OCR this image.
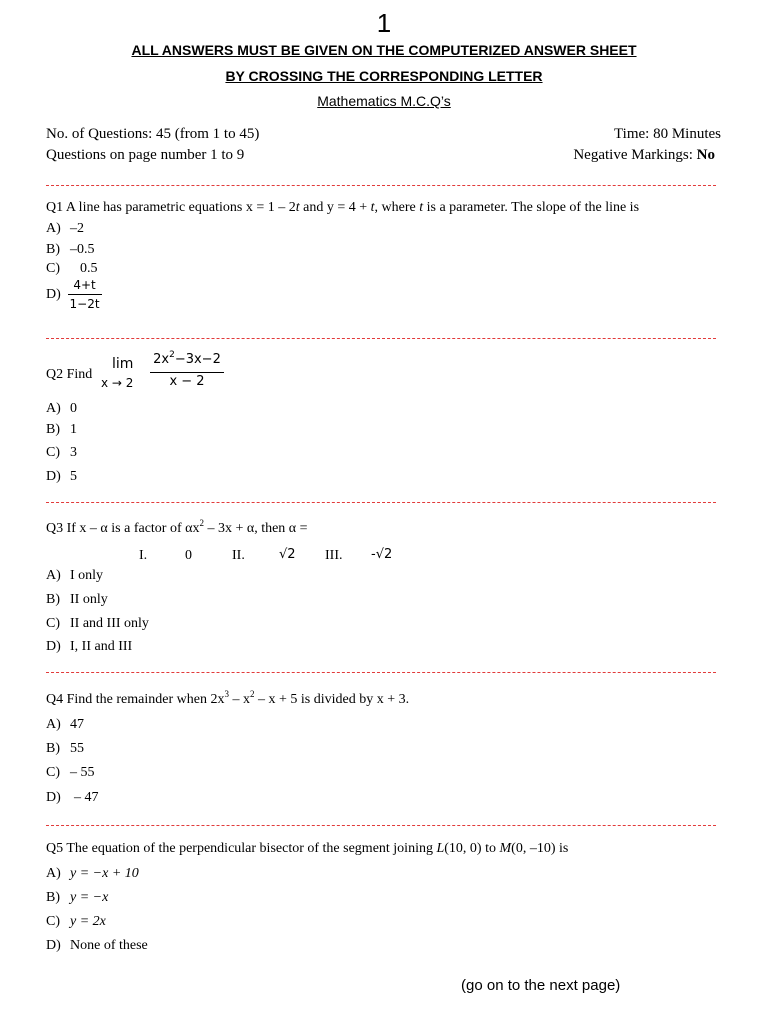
1
ALL ANSWERS MUST BE GIVEN ON THE COMPUTERIZED ANSWER SHEET
BY CROSSING THE CORRESPONDING LETTER
Mathematics M.C.Q’s
No. of Questions: 45 (from 1 to 45)
Questions on page number 1 to 9
Time: 80 Minutes
Negative Markings: No
Q1 A line has parametric equations x = 1 – 2t and y = 4 + t, where t is a parameter. The slope of the line is
A) –2
B) –0.5
C) 0.5
$D) \frac{4+t}{1-2t}$
Q2 Find
lim
x → 2
$2x^2-3x-2$
x − 2
A) 0
B) 1
C) 3
D) 5
Q3 If x – α is a factor of $\alpha x^2 - 3x + \alpha$, then α =
I.	0	II.	√2 III. -√2
A) I only
B) II only
C) II and III only
D) I, II and III
Q4 Find the remainder when $2x^3 - x^2 - x + 5$ is divided by x + 3.
A) 47
B) 55
C) – 55
D) – 47
Q5 The equation of the perpendicular bisector of the segment joining L(10, 0) to M(0, –10) is
A) y = −x + 10
B) y = −x
C) y = 2x
D) None of these
(go on to the next page)
